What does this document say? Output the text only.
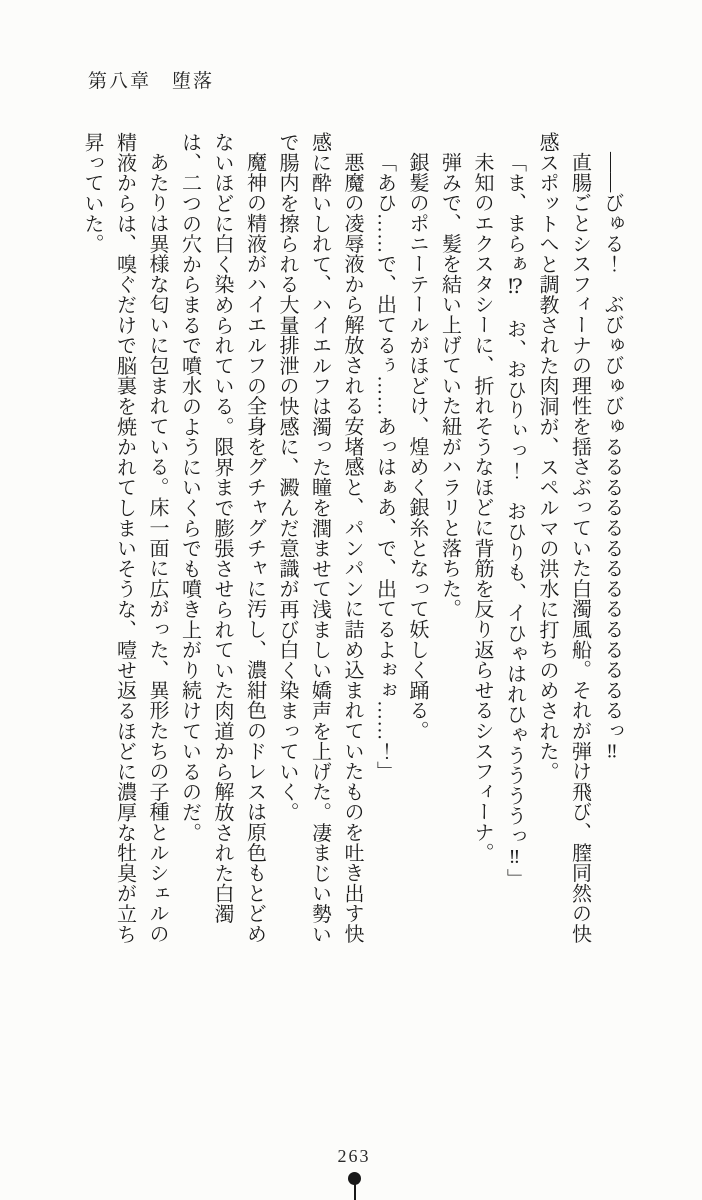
第八章　堕落

――びゅる！　ぶびゅびゅびゅるるるるるるるるるるるるるるっ‼

直腸ごとシスフィーナの理性を揺さぶっていた白濁風船。それが弾け飛び、膣同然の快感スポットへと調教された肉洞が、スペルマの洪水に打ちのめされた。

「ま、まらぁ⁉　お、おひりぃっ！　おひりも、イひゃはれひゃううううっ‼」

未知のエクスタシーに、折れそうなほどに背筋を反り返らせるシスフィーナ。

弾みで、髪を結い上げていた紐がハラリと落ちた。

銀髪のポニーテールがほどけ、煌めく銀糸となって妖しく踊る。

「あひ……で、出てるぅ……あっはぁあ、で、出てるよぉぉ……！」

悪魔の凌辱液から解放される安堵感と、パンパンに詰め込まれていたものを吐き出す快感に酔いしれて、ハイエルフは濁った瞳を潤ませて浅ましい嬌声を上げた。凄まじい勢いで腸内を擦られる大量排泄の快感に、澱んだ意識が再び白く染まっていく。

魔神の精液がハイエルフの全身をグチャグチャに汚し、濃紺色のドレスは原色もとどめないほどに白く染められている。限界まで膨張させられていた肉道から解放された白濁は、二つの穴からまるで噴水のようにいくらでも噴き上がり続けているのだ。

あたりは異様な匂いに包まれている。床一面に広がった、異形たちの子種とルシェルの精液からは、嗅ぐだけで脳裏を焼かれてしまいそうな、噎せ返るほどに濃厚な牡臭が立ち昇っていた。

263
